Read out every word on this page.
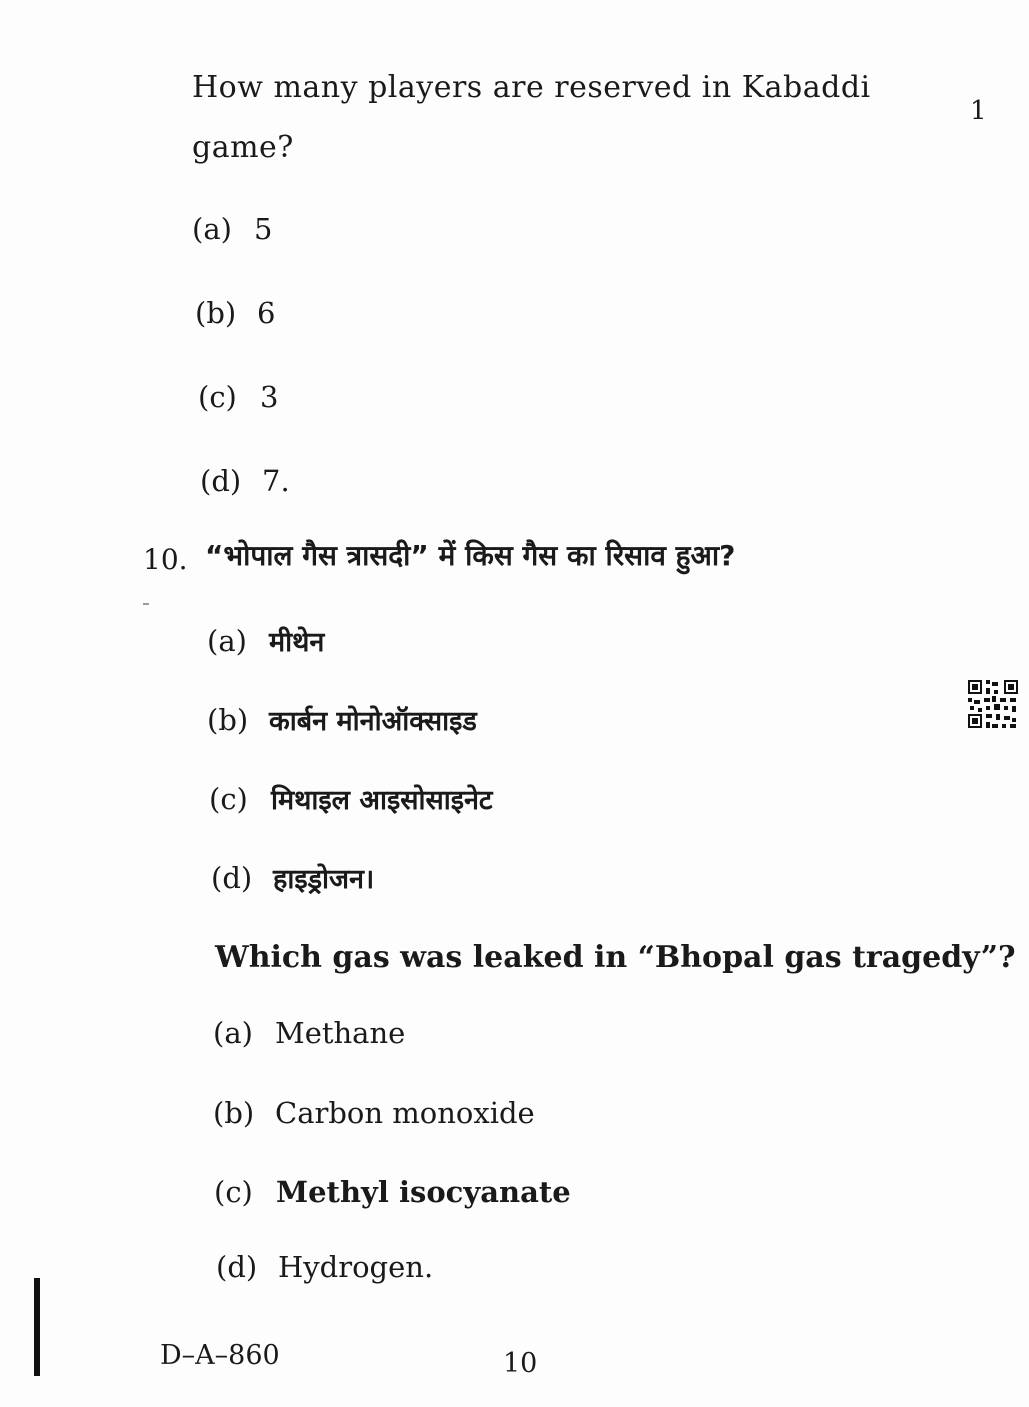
How many players are reserved in Kabaddi
game?
1
(a) 5
(b) 6
(c) 3
(d) 7.
10. “भोपाल गैस त्रासदी” में किस गैस का रिसाव हुआ?
(a) मीथेन
(b) कार्बन मोनोऑक्साइड
(c) मिथाइल आइसोसाइनेट
(d) हाइड्रोजन।
Which gas was leaked in “Bhopal gas tragedy”?
(a) Methane
(b) Carbon monoxide
(c) Methyl isocyanate
(d) Hydrogen.
D–A–860	10
